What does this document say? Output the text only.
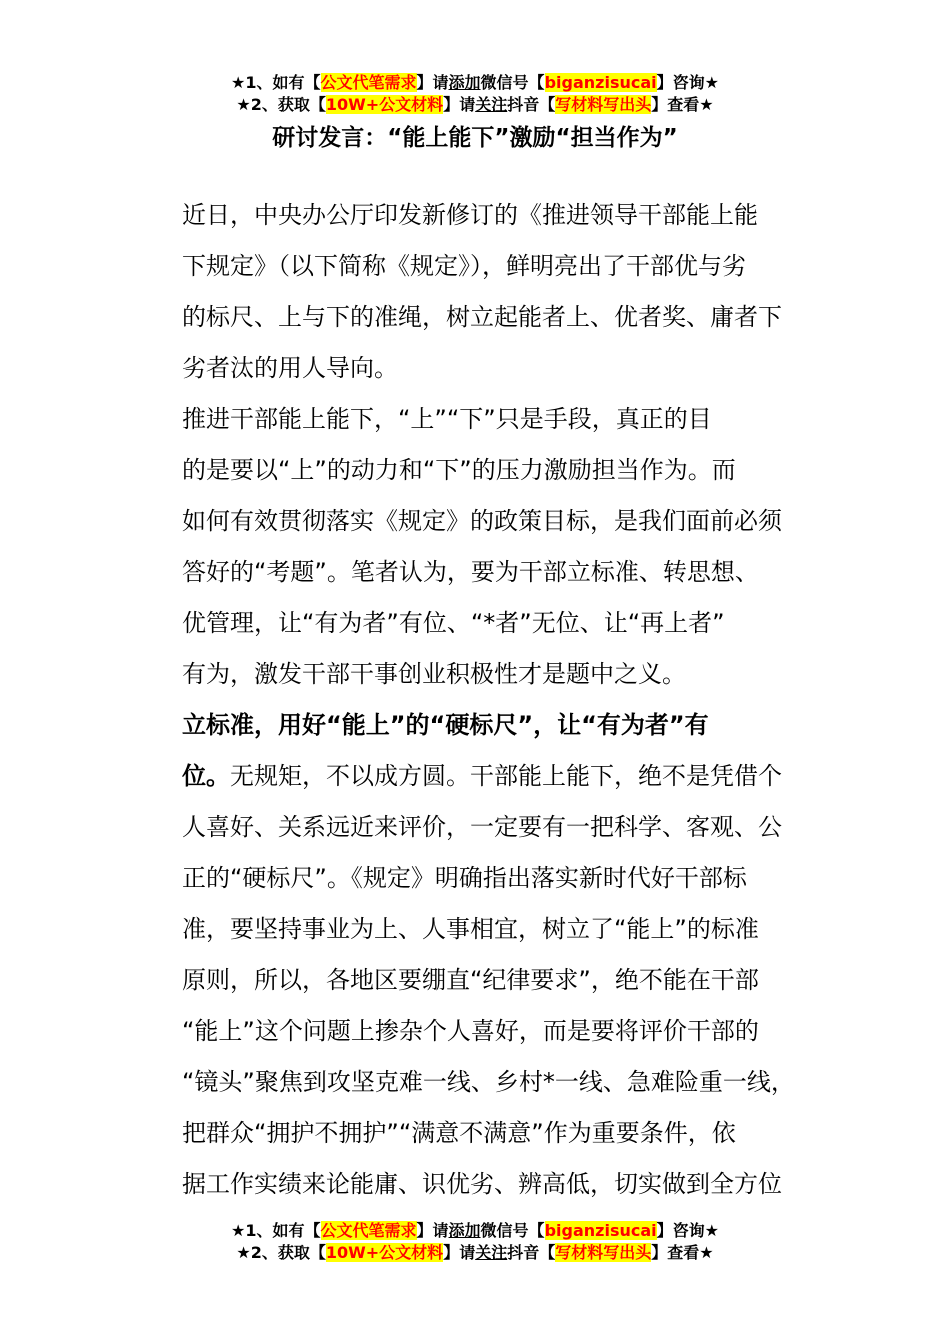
★1、如有【公文代笔需求】请添加微信号【biganzisucai】咨询★
★2、获取【10W+公文材料】请关注抖音【写材料写出头】查看★
研讨发言：“能上能下”激励“担当作为”

近日，中央办公厅印发新修订的《推进领导干部能上能
下规定》（以下简称《规定》），鲜明亮出了干部优与劣
的标尺、上与下的准绳，树立起能者上、优者奖、庸者下
劣者汰的用人导向。

推进干部能上能下，“上”“下”只是手段，真正的目
的是要以“上”的动力和“下”的压力激励担当作为。而
如何有效贯彻落实《规定》的政策目标，是我们面前必须
答好的“考题”。笔者认为，要为干部立标准、转思想、
优管理，让“有为者”有位、“*者”无位、让“再上者”
有为，激发干部干事创业积极性才是题中之义。

立标准，用好“能上”的“硬标尺”，让“有为者”有
位。无规矩，不以成方圆。干部能上能下，绝不是凭借个
人喜好、关系远近来评价，一定要有一把科学、客观、公
正的“硬标尺”。《规定》明确指出落实新时代好干部标
准，要坚持事业为上、人事相宜，树立了“能上”的标准
原则，所以，各地区要绷直“纪律要求”，绝不能在干部
“能上”这个问题上掺杂个人喜好，而是要将评价干部的
“镜头”聚焦到攻坚克难一线、乡村*一线、急难险重一线，
把群众“拥护不拥护”“满意不满意”作为重要条件，依
据工作实绩来论能庸、识优劣、辨高低，切实做到全方位

★1、如有【公文代笔需求】请添加微信号【biganzisucai】咨询★
★2、获取【10W+公文材料】请关注抖音【写材料写出头】查看★
